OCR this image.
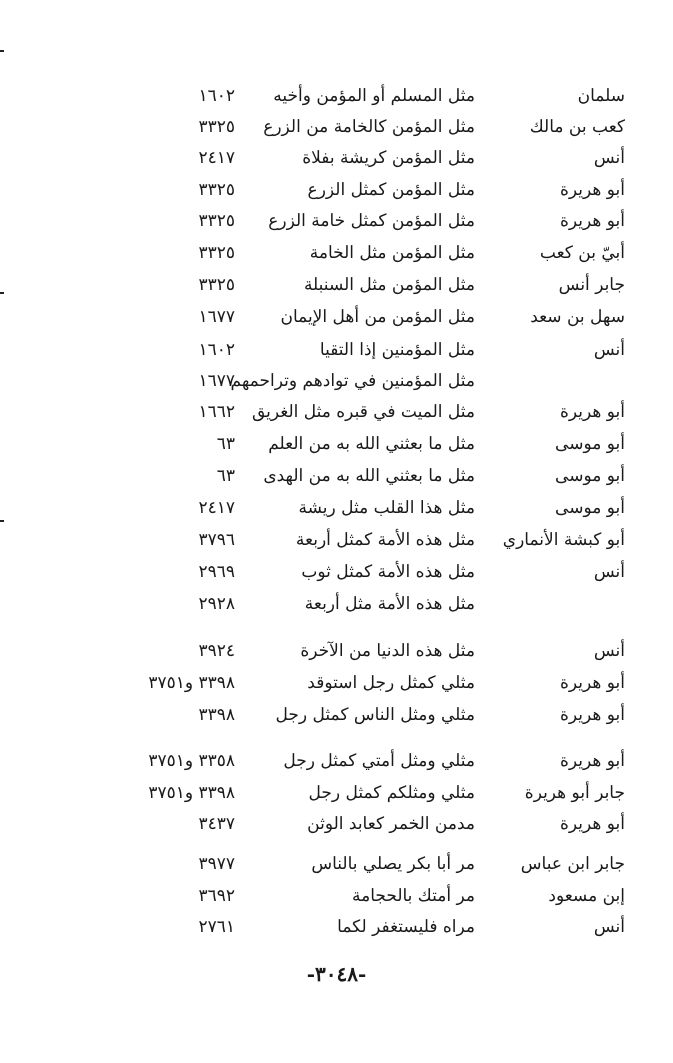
سلمان
مثل المسلم أو المؤمن وأخيه
١٦٠٢
كعب بن مالك
مثل المؤمن كالخامة من الزرع
٣٣٢٥
أنس
مثل المؤمن كريشة بفلاة
٢٤١٧
أبو هريرة
مثل المؤمن كمثل الزرع
٣٣٢٥
أبو هريرة
مثل المؤمن كمثل خامة الزرع
٣٣٢٥
أبيّ بن كعب
مثل المؤمن مثل الخامة
٣٣٢٥
جابر أنس
مثل المؤمن مثل السنبلة
٣٣٢٥
سهل بن سعد
مثل المؤمن من أهل الإيمان
١٦٧٧
أنس
مثل المؤمنين إذا التقيا
١٦٠٢
مثل المؤمنين في توادهم وتراحمهم
١٦٧٧
أبو هريرة
مثل الميت في قبره مثل الغريق
١٦٦٢
أبو موسى
مثل ما بعثني الله به من العلم
٦٣
أبو موسى
مثل ما بعثني الله به من الهدى
٦٣
أبو موسى
مثل هذا القلب مثل ريشة
٢٤١٧
أبو كبشة الأنماري
مثل هذه الأمة كمثل أربعة
٣٧٩٦
أنس
مثل هذه الأمة كمثل ثوب
٢٩٦٩
مثل هذه الأمة مثل أربعة
٢٩٢٨
أنس
مثل هذه الدنيا من الآخرة
٣٩٢٤
أبو هريرة
مثلي كمثل رجل استوقد
٣٣٩٨ و٣٧٥١
أبو هريرة
مثلي ومثل الناس كمثل رجل
٣٣٩٨
أبو هريرة
مثلي ومثل أمتي كمثل رجل
٣٣٥٨ و٣٧٥١
جابر أبو هريرة
مثلي ومثلكم كمثل رجل
٣٣٩٨ و٣٧٥١
أبو هريرة
مدمن الخمر كعابد الوثن
٣٤٣٧
جابر ابن عباس
مر أبا بكر يصلي بالناس
٣٩٧٧
إبن مسعود
مر أمتك بالحجامة
٣٦٩٢
أنس
مراه فليستغفر لكما
٢٧٦١
-٣٠٤٨-
